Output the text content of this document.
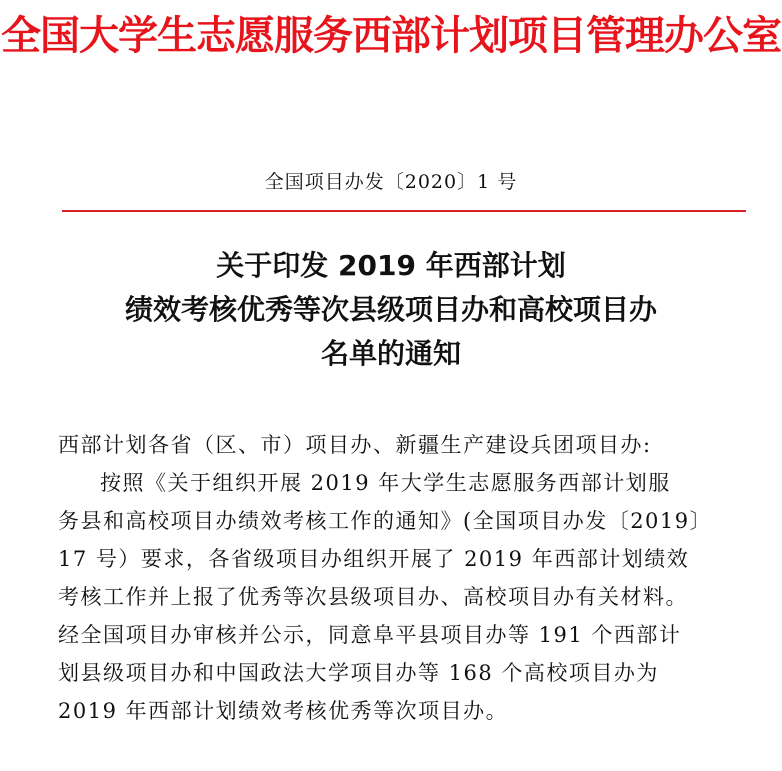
全国大学生志愿服务西部计划项目管理办公室
全国项目办发〔2020〕1 号
关于印发 2019 年西部计划
绩效考核优秀等次县级项目办和高校项目办
名单的通知
西部计划各省（区、市）项目办、新疆生产建设兵团项目办:
按照《关于组织开展 2019 年大学生志愿服务西部计划服
务县和高校项目办绩效考核工作的通知》(全国项目办发〔2019〕
17 号）要求，各省级项目办组织开展了 2019 年西部计划绩效
考核工作并上报了优秀等次县级项目办、高校项目办有关材料。
经全国项目办审核并公示，同意阜平县项目办等 191 个西部计
划县级项目办和中国政法大学项目办等 168 个高校项目办为
2019 年西部计划绩效考核优秀等次项目办。
